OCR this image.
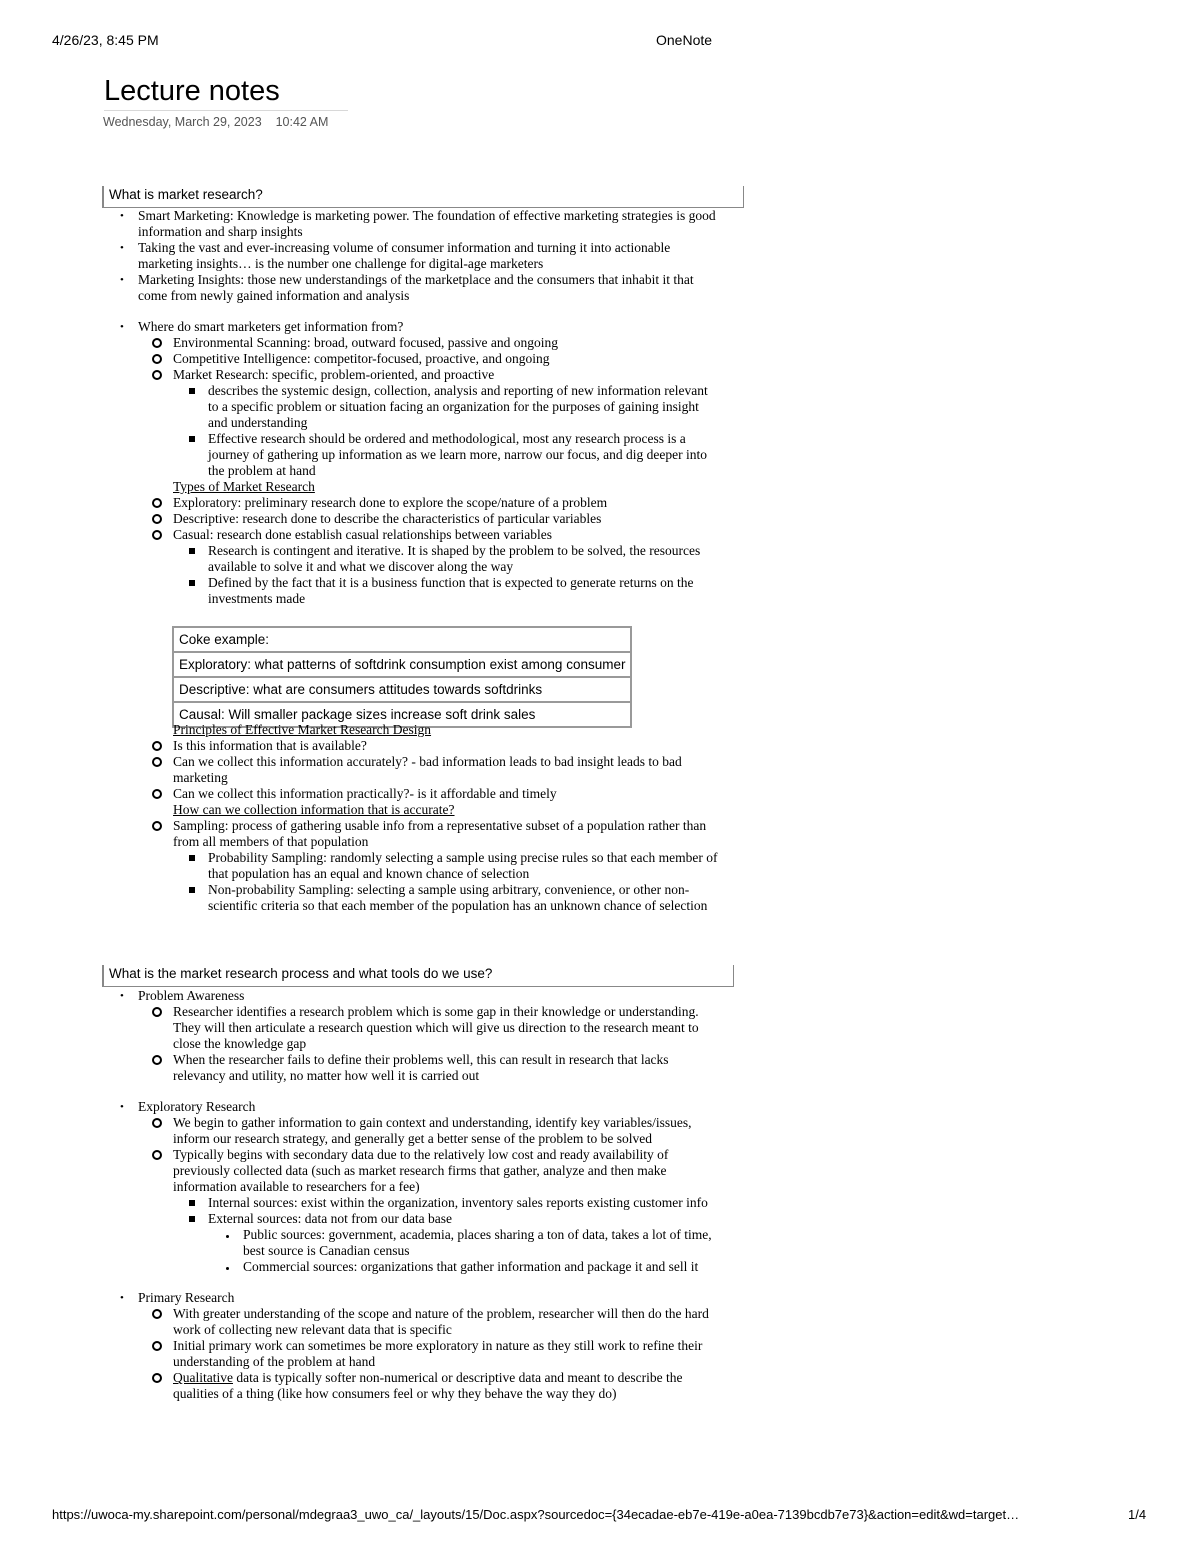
4/26/23, 8:45 PM	OneNote
Lecture notes
Wednesday, March 29, 2023 10:42 AM
What is market research?
• Smart Marketing: Knowledge is marketing power. The foundation of effective marketing strategies is good information and sharp insights
• Taking the vast and ever-increasing volume of consumer information and turning it into actionable marketing insights… is the number one challenge for digital-age marketers
• Marketing Insights: those new understandings of the marketplace and the consumers that inhabit it that come from newly gained information and analysis
• Where do smart marketers get information from?
Environmental Scanning: broad, outward focused, passive and ongoing
Competitive Intelligence: competitor-focused, proactive, and ongoing
Market Research: specific, problem-oriented, and proactive
describes the systemic design, collection, analysis and reporting of new information relevant to a specific problem or situation facing an organization for the purposes of gaining insight and understanding
Effective research should be ordered and methodological, most any research process is a journey of gathering up information as we learn more, narrow our focus, and dig deeper into the problem at hand
Types of Market Research
Exploratory: preliminary research done to explore the scope/nature of a problem
Descriptive: research done to describe the characteristics of particular variables
Casual: research done establish casual relationships between variables
Research is contingent and iterative. It is shaped by the problem to be solved, the resources available to solve it and what we discover along the way
Defined by the fact that it is a business function that is expected to generate returns on the investments made
Coke example:
Exploratory: what patterns of softdrink consumption exist among consumer
Descriptive: what are consumers attitudes towards softdrinks
Causal: Will smaller package sizes increase soft drink sales
Principles of Effective Market Research Design
Is this information that is available?
Can we collect this information accurately? - bad information leads to bad insight leads to bad marketing
Can we collect this information practically?- is it affordable and timely
How can we collection information that is accurate?
Sampling: process of gathering usable info from a representative subset of a population rather than from all members of that population
Probability Sampling: randomly selecting a sample using precise rules so that each member of that population has an equal and known chance of selection
Non-probability Sampling: selecting a sample using arbitrary, convenience, or other non-scientific criteria so that each member of the population has an unknown chance of selection
What is the market research process and what tools do we use?
• Problem Awareness
Researcher identifies a research problem which is some gap in their knowledge or understanding. They will then articulate a research question which will give us direction to the research meant to close the knowledge gap
When the researcher fails to define their problems well, this can result in research that lacks relevancy and utility, no matter how well it is carried out
• Exploratory Research
We begin to gather information to gain context and understanding, identify key variables/issues, inform our research strategy, and generally get a better sense of the problem to be solved
Typically begins with secondary data due to the relatively low cost and ready availability of previously collected data (such as market research firms that gather, analyze and then make information available to researchers for a fee)
Internal sources: exist within the organization, inventory sales reports existing customer info
External sources: data not from our data base
Public sources: government, academia, places sharing a ton of data, takes a lot of time, best source is Canadian census
Commercial sources: organizations that gather information and package it and sell it
• Primary Research
With greater understanding of the scope and nature of the problem, researcher will then do the hard work of collecting new relevant data that is specific
Initial primary work can sometimes be more exploratory in nature as they still work to refine their understanding of the problem at hand
Qualitative data is typically softer non-numerical or descriptive data and meant to describe the qualities of a thing (like how consumers feel or why they behave the way they do)
https://uwoca-my.sharepoint.com/personal/mdegraa3_uwo_ca/_layouts/15/Doc.aspx?sourcedoc={34ecadae-eb7e-419e-a0ea-7139bcdb7e73}&action=edit&wd=target…	1/4
